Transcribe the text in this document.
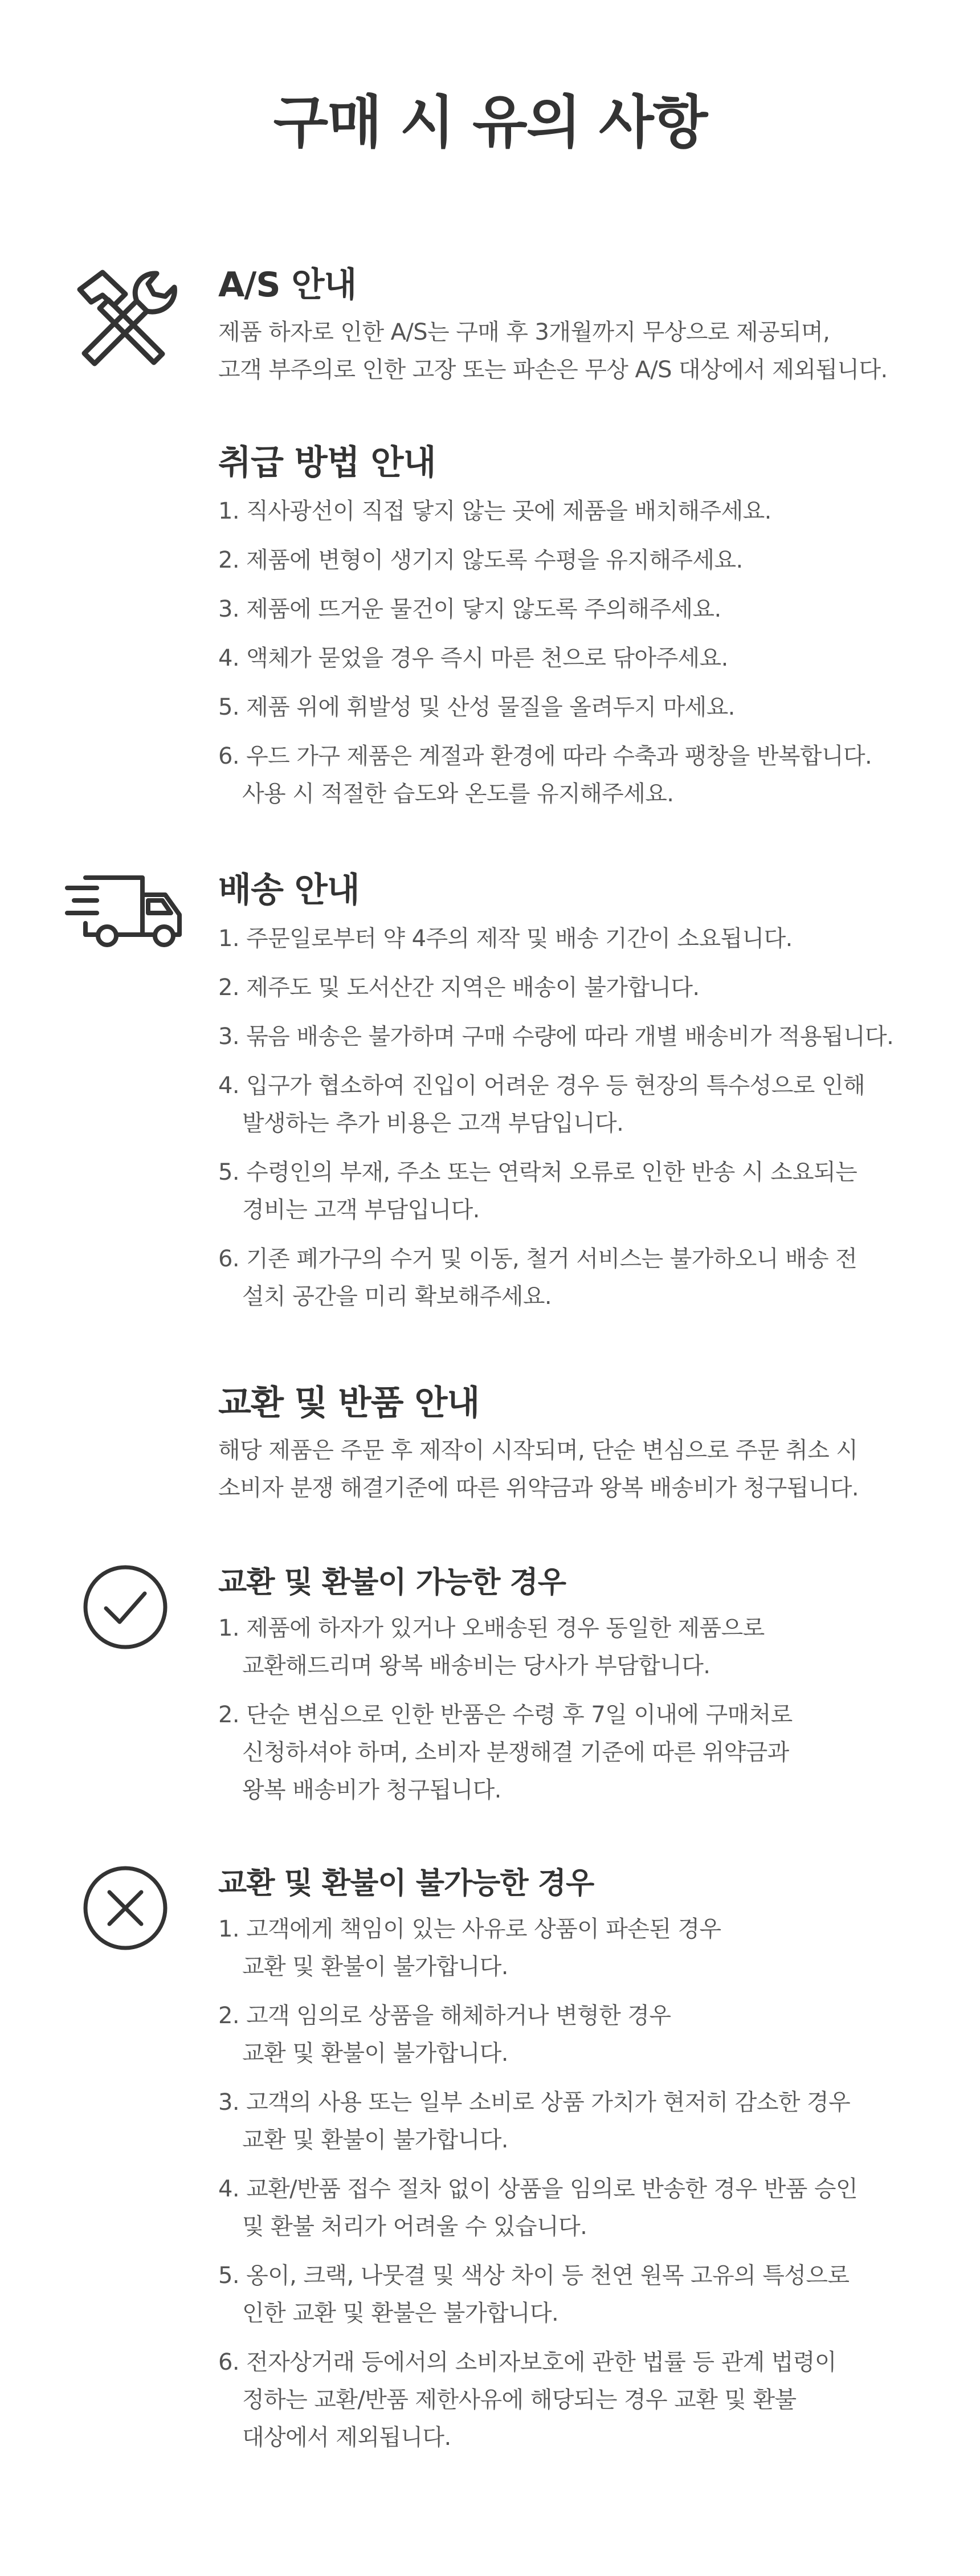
구매 시 유의 사항
A/S 안내
제품 하자로 인한 A/S는 구매 후 3개월까지 무상으로 제공되며,
고객 부주의로 인한 고장 또는 파손은 무상 A/S 대상에서 제외됩니다.
취급 방법 안내
1. 직사광선이 직접 닿지 않는 곳에 제품을 배치해주세요.
2. 제품에 변형이 생기지 않도록 수평을 유지해주세요.
3. 제품에 뜨거운 물건이 닿지 않도록 주의해주세요.
4. 액체가 묻었을 경우 즉시 마른 천으로 닦아주세요.
5. 제품 위에 휘발성 및 산성 물질을 올려두지 마세요.
6. 우드 가구 제품은 계절과 환경에 따라 수축과 팽창을 반복합니다.
사용 시 적절한 습도와 온도를 유지해주세요.
배송 안내
1. 주문일로부터 약 4주의 제작 및 배송 기간이 소요됩니다.
2. 제주도 및 도서산간 지역은 배송이 불가합니다.
3. 묶음 배송은 불가하며 구매 수량에 따라 개별 배송비가 적용됩니다.
4. 입구가 협소하여 진입이 어려운 경우 등 현장의 특수성으로 인해
발생하는 추가 비용은 고객 부담입니다.
5. 수령인의 부재, 주소 또는 연락처 오류로 인한 반송 시 소요되는
경비는 고객 부담입니다.
6. 기존 폐가구의 수거 및 이동, 철거 서비스는 불가하오니 배송 전
설치 공간을 미리 확보해주세요.
교환 및 반품 안내
해당 제품은 주문 후 제작이 시작되며, 단순 변심으로 주문 취소 시
소비자 분쟁 해결기준에 따른 위약금과 왕복 배송비가 청구됩니다.
교환 및 환불이 가능한 경우
1. 제품에 하자가 있거나 오배송된 경우 동일한 제품으로
교환해드리며 왕복 배송비는 당사가 부담합니다.
2. 단순 변심으로 인한 반품은 수령 후 7일 이내에 구매처로
신청하셔야 하며, 소비자 분쟁해결 기준에 따른 위약금과
왕복 배송비가 청구됩니다.
교환 및 환불이 불가능한 경우
1. 고객에게 책임이 있는 사유로 상품이 파손된 경우
교환 및 환불이 불가합니다.
2. 고객 임의로 상품을 해체하거나 변형한 경우
교환 및 환불이 불가합니다.
3. 고객의 사용 또는 일부 소비로 상품 가치가 현저히 감소한 경우
교환 및 환불이 불가합니다.
4. 교환/반품 접수 절차 없이 상품을 임의로 반송한 경우 반품 승인
및 환불 처리가 어려울 수 있습니다.
5. 옹이, 크랙, 나뭇결 및 색상 차이 등 천연 원목 고유의 특성으로
인한 교환 및 환불은 불가합니다.
6. 전자상거래 등에서의 소비자보호에 관한 법률 등 관계 법령이
정하는 교환/반품 제한사유에 해당되는 경우 교환 및 환불
대상에서 제외됩니다.
